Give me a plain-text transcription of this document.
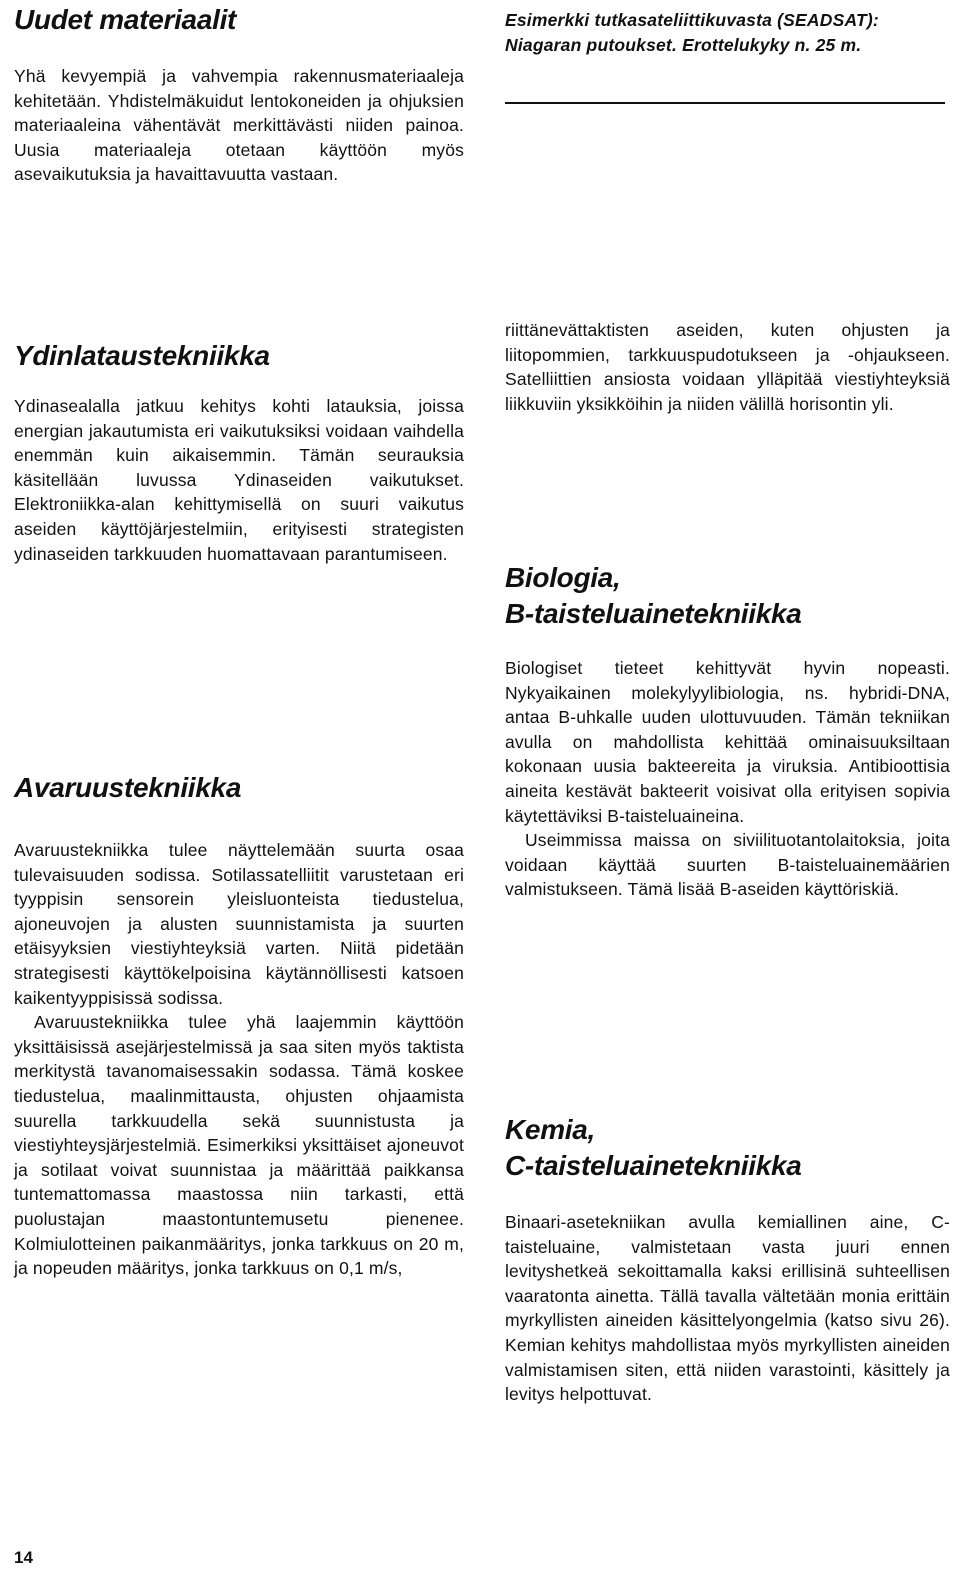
Uudet materiaalit

Yhä kevyempiä ja vahvempia rakennusmateriaaleja kehitetään. Yhdistelmäkuidut lentokoneiden ja ohjuksien materiaaleina vähentävät merkittävästi niiden painoa. Uusia materiaaleja otetaan käyttöön myös asevaikutuksia ja havaittavuutta vastaan.

Ydinlataustekniikka

Ydinasealalla jatkuu kehitys kohti latauksia, joissa energian jakautumista eri vaikutuksiksi voidaan vaihdella enemmän kuin aikaisemmin. Tämän seurauksia käsitellään luvussa Ydinaseiden vaikutukset. Elektroniikka-alan kehittymisellä on suuri vaikutus aseiden käyttöjärjestelmiin, erityisesti strategisten ydinaseiden tarkkuuden huomattavaan parantumiseen.

Avaruustekniikka

Avaruustekniikka tulee näyttelemään suurta osaa tulevaisuuden sodissa. Sotilassatelliitit varustetaan eri tyyppisin sensorein yleisluonteista tiedustelua, ajoneuvojen ja alusten suunnistamista ja suurten etäisyyksien viestiyhteyksiä varten. Niitä pidetään strategisesti käyttökelpoisina käytännöllisesti katsoen kaikentyyppisissä sodissa.

Avaruustekniikka tulee yhä laajemmin käyttöön yksittäisissä asejärjestelmissä ja saa siten myös taktista merkitystä tavanomaisessakin sodassa. Tämä koskee tiedustelua, maalinmittausta, ohjusten ohjaamista suurella tarkkuudella sekä suunnistusta ja viestiyhteysjärjestelmiä. Esimerkiksi yksittäiset ajoneuvot ja sotilaat voivat suunnistaa ja määrittää paikkansa tuntemattomassa maastossa niin tarkasti, että puolustajan maastontuntemusetu pienenee. Kolmiulotteinen paikanmääritys, jonka tarkkuus on 20 m, ja nopeuden määritys, jonka tarkkuus on 0,1 m/s,

Esimerkki tutkasateliittikuvasta (SEADSAT): Niagaran putoukset. Erottelukyky n. 25 m.

riittänevättaktisten aseiden, kuten ohjusten ja liitopommien, tarkkuuspudotukseen ja -ohjaukseen. Satelliittien ansiosta voidaan ylläpitää viestiyhteyksiä liikkuviin yksikköihin ja niiden välillä horisontin yli.

Biologia,
B-taisteluainetekniikka

Biologiset tieteet kehittyvät hyvin nopeasti. Nykyaikainen molekylyylibiologia, ns. hybridi-DNA, antaa B-uhkalle uuden ulottuvuuden. Tämän tekniikan avulla on mahdollista kehittää ominaisuuksiltaan kokonaan uusia bakteereita ja viruksia. Antibioottisia aineita kestävät bakteerit voisivat olla erityisen sopivia käytettäviksi B-taisteluaineina.

Useimmissa maissa on siviilituotantolaitoksia, joita voidaan käyttää suurten B-taisteluainemäärien valmistukseen. Tämä lisää B-aseiden käyttöriskiä.

Kemia,
C-taisteluainetekniikka

Binaari-asetekniikan avulla kemiallinen aine, C-taisteluaine, valmistetaan vasta juuri ennen levityshetkeä sekoittamalla kaksi erillisinä suhteellisen vaaratonta ainetta. Tällä tavalla vältetään monia erittäin myrkyllisten aineiden käsittelyongelmia (katso sivu 26). Kemian kehitys mahdollistaa myös myrkyllisten aineiden valmistamisen siten, että niiden varastointi, käsittely ja levitys helpottuvat.

14
